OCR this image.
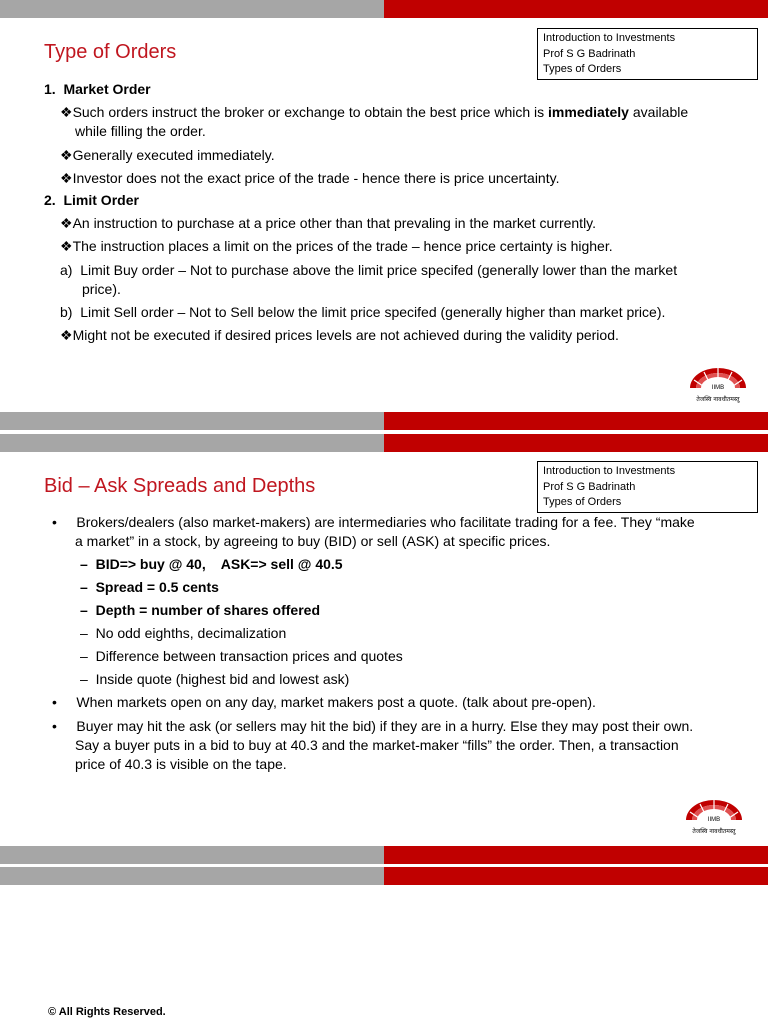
Type of Orders
Introduction to Investments
Prof S G Badrinath
Types of Orders
1. Market Order
❖Such orders instruct the broker or exchange to obtain the best price which is immediately available
while filling the order.
❖Generally executed immediately.
❖Investor does not the exact price of the trade - hence there is price uncertainty.
2. Limit Order
❖An instruction to purchase at a price other than that prevaling in the market currently.
❖The instruction places a limit on the prices of the trade – hence price certainty is higher.
a) Limit Buy order – Not to purchase above the limit price specifed (generally lower than the market
price).
b) Limit Sell order – Not to Sell below the limit price specifed (generally higher than market price).
❖Might not be executed if desired prices levels are not achieved during the validity period.
IIMB
तेजस्वि नावधीतमस्तु
Bid – Ask Spreads and Depths
Introduction to Investments
Prof S G Badrinath
Types of Orders
• Brokers/dealers (also market-makers) are intermediaries who facilitate trading for a fee. They “make
a market” in a stock, by agreeing to buy (BID) or sell (ASK) at specific prices.
– BID=> buy @ 40,    ASK=> sell @ 40.5
– Spread = 0.5 cents
– Depth = number of shares offered
– No odd eighths, decimalization
– Difference between transaction prices and quotes
– Inside quote (highest bid and lowest ask)
• When markets open on any day, market makers post a quote. (talk about pre-open).
• Buyer may hit the ask (or sellers may hit the bid) if they are in a hurry. Else they may post their own.
Say a buyer puts in a bid to buy at 40.3 and the market-maker “fills” the order. Then, a transaction
price of 40.3 is visible on the tape.
IIMB
तेजस्वि नावधीतमस्तु
© All Rights Reserved.
